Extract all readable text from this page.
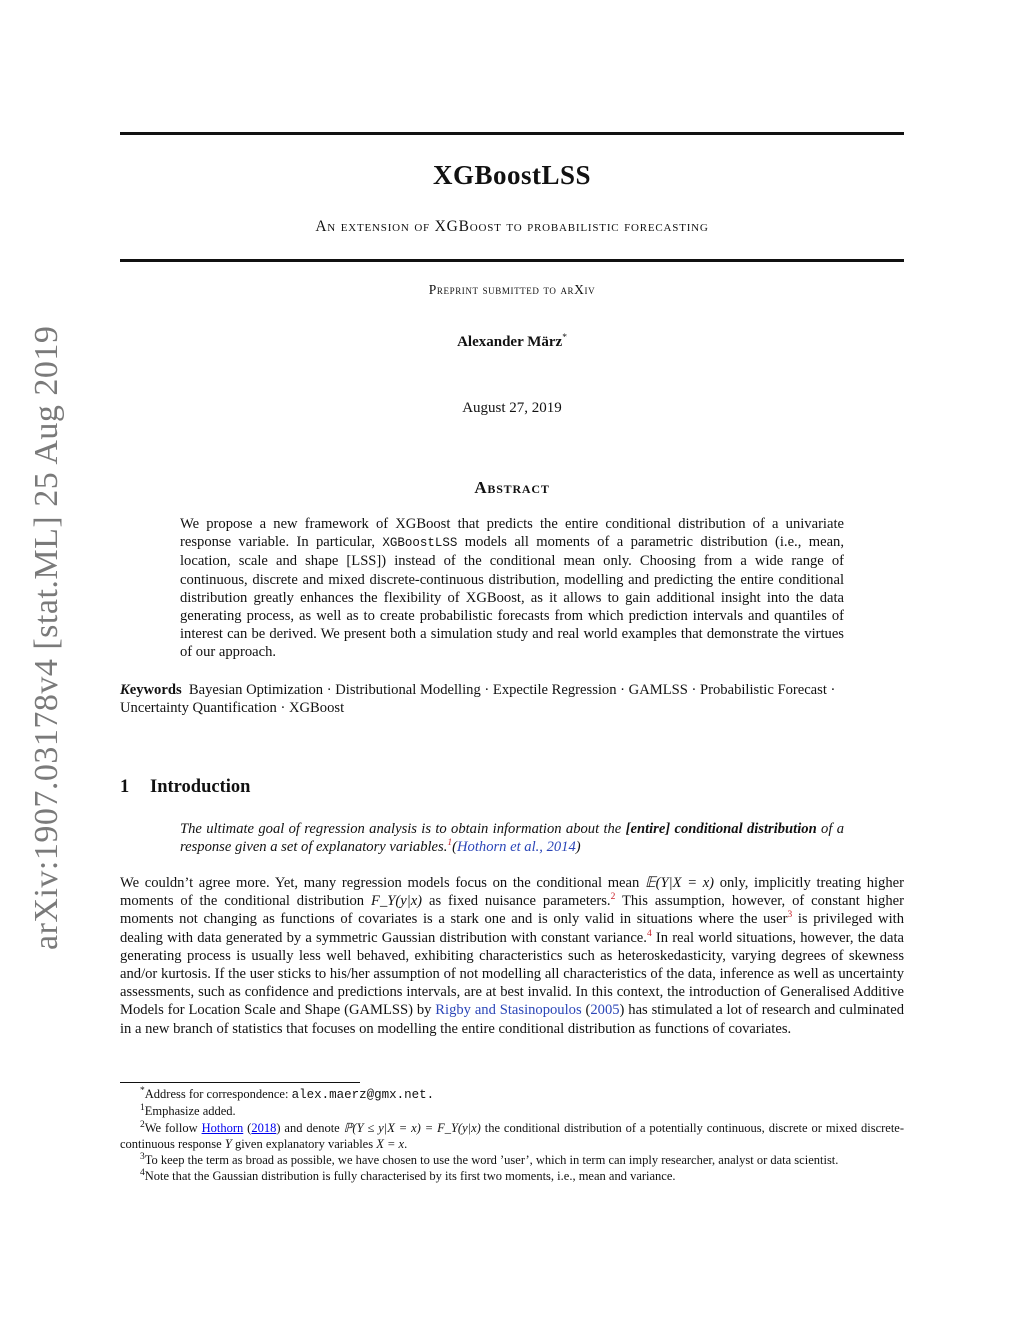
arXiv:1907.03178v4 [stat.ML] 25 Aug 2019
XGBoostLSS
An extension of XGBoost to probabilistic forecasting
Preprint submitted to arXiv
Alexander März*
August 27, 2019
Abstract
We propose a new framework of XGBoost that predicts the entire conditional distribution of a univariate response variable. In particular, XGBoostLSS models all moments of a parametric distribution (i.e., mean, location, scale and shape [LSS]) instead of the conditional mean only. Choosing from a wide range of continuous, discrete and mixed discrete-continuous distribution, modelling and predicting the entire conditional distribution greatly enhances the flexibility of XGBoost, as it allows to gain additional insight into the data generating process, as well as to create probabilistic forecasts from which prediction intervals and quantiles of interest can be derived. We present both a simulation study and real world examples that demonstrate the virtues of our approach.
Keywords Bayesian Optimization · Distributional Modelling · Expectile Regression · GAMLSS · Probabilistic Forecast · Uncertainty Quantification · XGBoost
1 Introduction
The ultimate goal of regression analysis is to obtain information about the [entire] conditional distribution of a response given a set of explanatory variables.$^1$(Hothorn et al., 2014)
We couldn’t agree more. Yet, many regression models focus on the conditional mean 𝔼(Y|X = x) only, implicitly treating higher moments of the conditional distribution F_Y(y|x) as fixed nuisance parameters.$^2$ This assumption, however, of constant higher moments not changing as functions of covariates is a stark one and is only valid in situations where the user$^3$ is privileged with dealing with data generated by a symmetric Gaussian distribution with constant variance.$^4$ In real world situations, however, the data generating process is usually less well behaved, exhibiting characteristics such as heteroskedasticity, varying degrees of skewness and/or kurtosis. If the user sticks to his/her assumption of not modelling all characteristics of the data, inference as well as uncertainty assessments, such as confidence and predictions intervals, are at best invalid. In this context, the introduction of Generalised Additive Models for Location Scale and Shape (GAMLSS) by Rigby and Stasinopoulos (2005) has stimulated a lot of research and culminated in a new branch of statistics that focuses on modelling the entire conditional distribution as functions of covariates.

*Address for correspondence: alex.maerz@gmx.net.

$^1$Emphasize added.

$^2$We follow Hothorn (2018) and denote ℙ(Y ≤ y|X = x) = F_Y(y|x) the conditional distribution of a potentially continuous, discrete or mixed discrete-continuous response Y given explanatory variables X = x.

$^3$To keep the term as broad as possible, we have chosen to use the word ’user’, which in term can imply researcher, analyst or data scientist.

$^4$Note that the Gaussian distribution is fully characterised by its first two moments, i.e., mean and variance.
